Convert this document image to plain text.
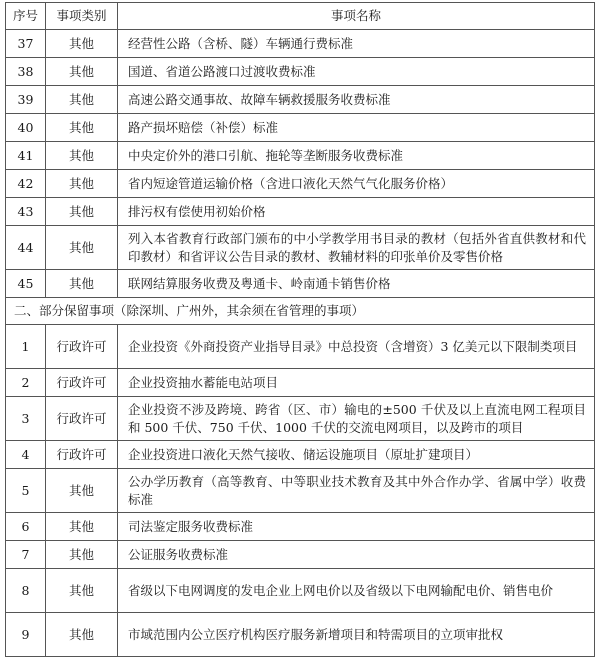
序号	事项类别	事项名称
37	其他	经营性公路（含桥、隧）车辆通行费标准
38	其他	国道、省道公路渡口过渡收费标准
39	其他	高速公路交通事故、故障车辆救援服务收费标准
40	其他	路产损坏赔偿（补偿）标准
41	其他	中央定价外的港口引航、拖轮等垄断服务收费标准
42	其他	省内短途管道运输价格（含进口液化天然气气化服务价格）
43	其他	排污权有偿使用初始价格
44	其他	列入本省教育行政部门颁布的中小学教学用书目录的教材（包括外省直供教材和代印教材）和省评议公告目录的教材、教辅材料的印张单价及零售价格
45	其他	联网结算服务收费及粤通卡、岭南通卡销售价格
二、部分保留事项（除深圳、广州外，其余须在省管理的事项）		
1	行政许可	企业投资《外商投资产业指导目录》中总投资（含增资）3 亿美元以下限制类项目
2	行政许可	企业投资抽水蓄能电站项目
3	行政许可	企业投资不涉及跨境、跨省（区、市）输电的±500 千伏及以上直流电网工程项目和 500 千伏、750 千伏、1000 千伏的交流电网项目，以及跨市的项目
4	行政许可	企业投资进口液化天然气接收、储运设施项目（原址扩建项目）
5	其他	公办学历教育（高等教育、中等职业技术教育及其中外合作办学、省属中学）收费标准
6	其他	司法鉴定服务收费标准
7	其他	公证服务收费标准
8	其他	省级以下电网调度的发电企业上网电价以及省级以下电网输配电价、销售电价
9	其他	市域范围内公立医疗机构医疗服务新增项目和特需项目的立项审批权
